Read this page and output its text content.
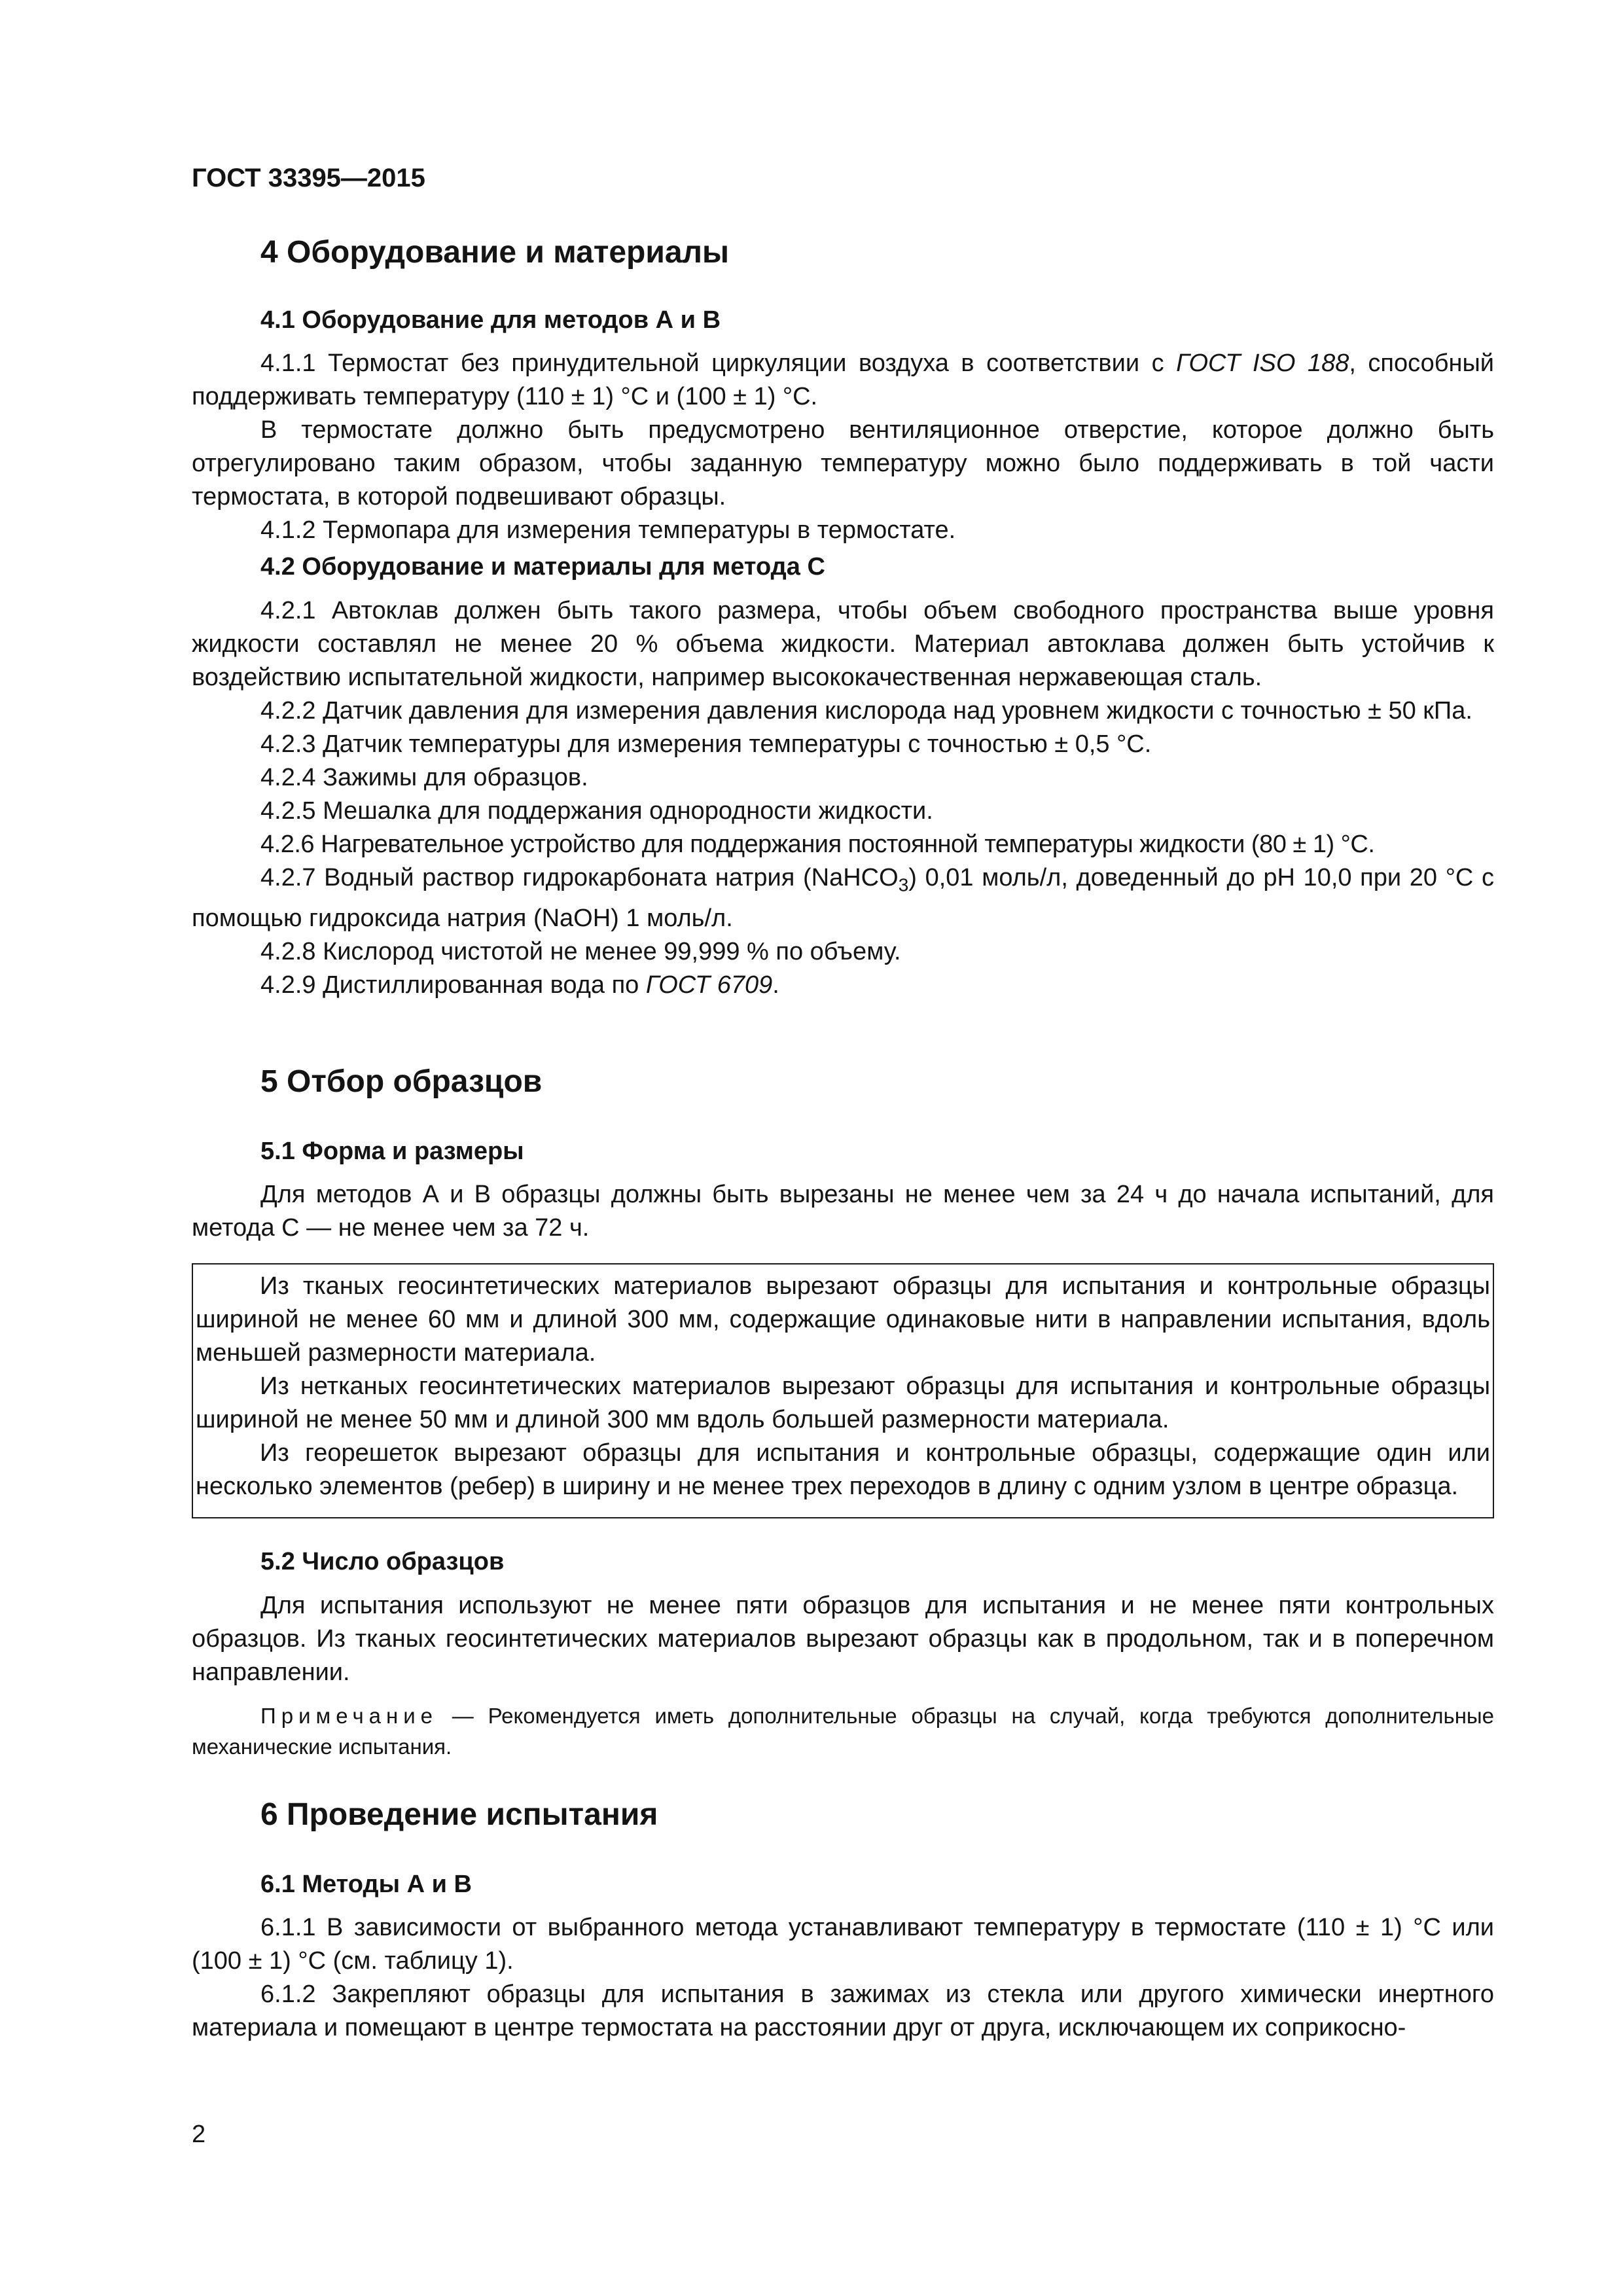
ГОСТ 33395—2015

4 Оборудование и материалы
4.1 Оборудование для методов А и В

4.1.1 Термостат без принудительной циркуляции воздуха в соответствии с ГОСТ ISO 188, способный поддерживать температуру (110 ± 1) °С и (100 ± 1) °С.

В термостате должно быть предусмотрено вентиляционное отверстие, которое должно быть отрегулировано таким образом, чтобы заданную температуру можно было поддерживать в той части термостата, в которой подвешивают образцы.

4.1.2 Термопара для измерения температуры в термостате.

4.2 Оборудование и материалы для метода С

4.2.1 Автоклав должен быть такого размера, чтобы объем свободного пространства выше уровня жидкости составлял не менее 20 % объема жидкости. Материал автоклава должен быть устойчив к воздействию испытательной жидкости, например высококачественная нержавеющая сталь.

4.2.2 Датчик давления для измерения давления кислорода над уровнем жидкости с точностью ± 50 кПа.

4.2.3 Датчик температуры для измерения температуры с точностью ± 0,5 °С.

4.2.4 Зажимы для образцов.

4.2.5 Мешалка для поддержания однородности жидкости.

4.2.6 Нагревательное устройство для поддержания постоянной температуры жидкости (80 ± 1) °С.

4.2.7 Водный раствор гидрокарбоната натрия (NaHCO$_3$) 0,01 моль/л, доведенный до рН 10,0 при 20 °С с помощью гидроксида натрия (NaOH) 1 моль/л.

4.2.8 Кислород чистотой не менее 99,999 % по объему.

4.2.9 Дистиллированная вода по ГОСТ 6709.

5 Отбор образцов
5.1 Форма и размеры

Для методов А и В образцы должны быть вырезаны не менее чем за 24 ч до начала испытаний, для метода С — не менее чем за 72 ч.

Из тканых геосинтетических материалов вырезают образцы для испытания и контрольные образцы шириной не менее 60 мм и длиной 300 мм, содержащие одинаковые нити в направлении испытания, вдоль меньшей размерности материала.

Из нетканых геосинтетических материалов вырезают образцы для испытания и контрольные образцы шириной не менее 50 мм и длиной 300 мм вдоль большей размерности материала.

Из георешеток вырезают образцы для испытания и контрольные образцы, содержащие один или несколько элементов (ребер) в ширину и не менее трех переходов в длину с одним узлом в центре образца.

5.2 Число образцов

Для испытания используют не менее пяти образцов для испытания и не менее пяти контрольных образцов. Из тканых геосинтетических материалов вырезают образцы как в продольном, так и в поперечном направлении.

Примечание — Рекомендуется иметь дополнительные образцы на случай, когда требуются дополнительные механические испытания.

6 Проведение испытания
6.1 Методы А и В

6.1.1 В зависимости от выбранного метода устанавливают температуру в термостате (110 ± 1) °С или (100 ± 1) °С (см. таблицу 1).

6.1.2 Закрепляют образцы для испытания в зажимах из стекла или другого химически инертного материала и помещают в центре термостата на расстоянии друг от друга, исключающем их соприкосно-

2
